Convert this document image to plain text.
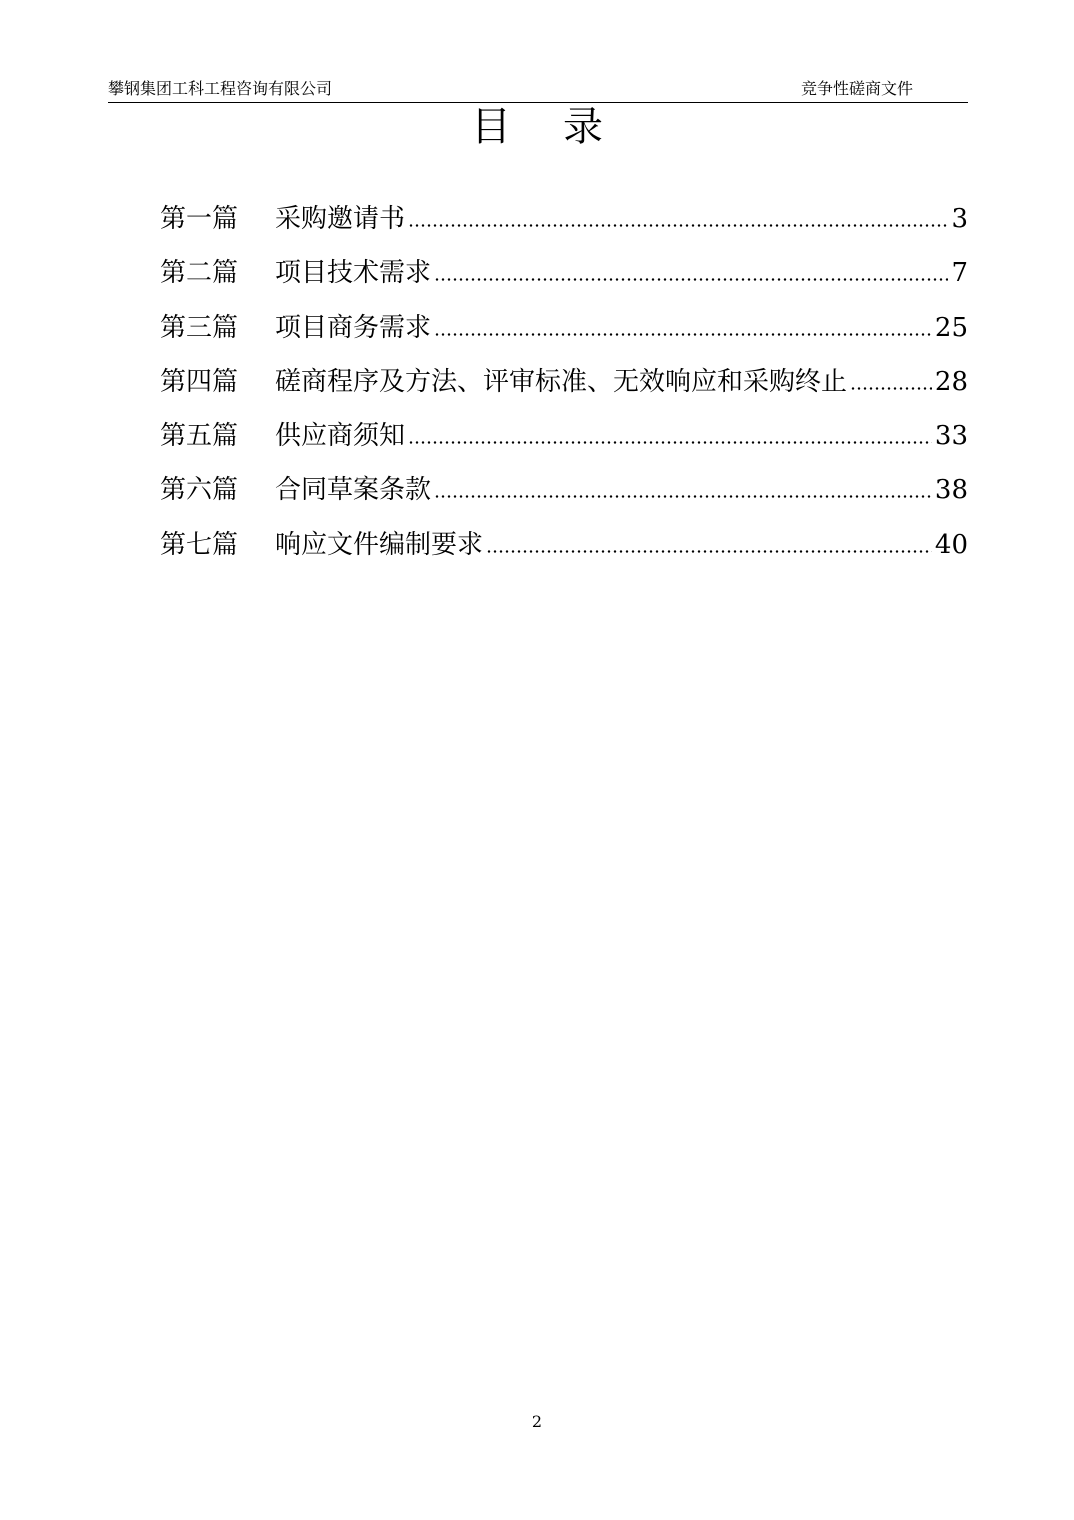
攀钢集团工科工程咨询有限公司	竞争性磋商文件
目录
第一篇	采购邀请书	3
第二篇	项目技术需求	7
第三篇	项目商务需求	25
第四篇	磋商程序及方法、评审标准、无效响应和采购终止	28
第五篇	供应商须知	33
第六篇	合同草案条款	38
第七篇	响应文件编制要求	40
2
